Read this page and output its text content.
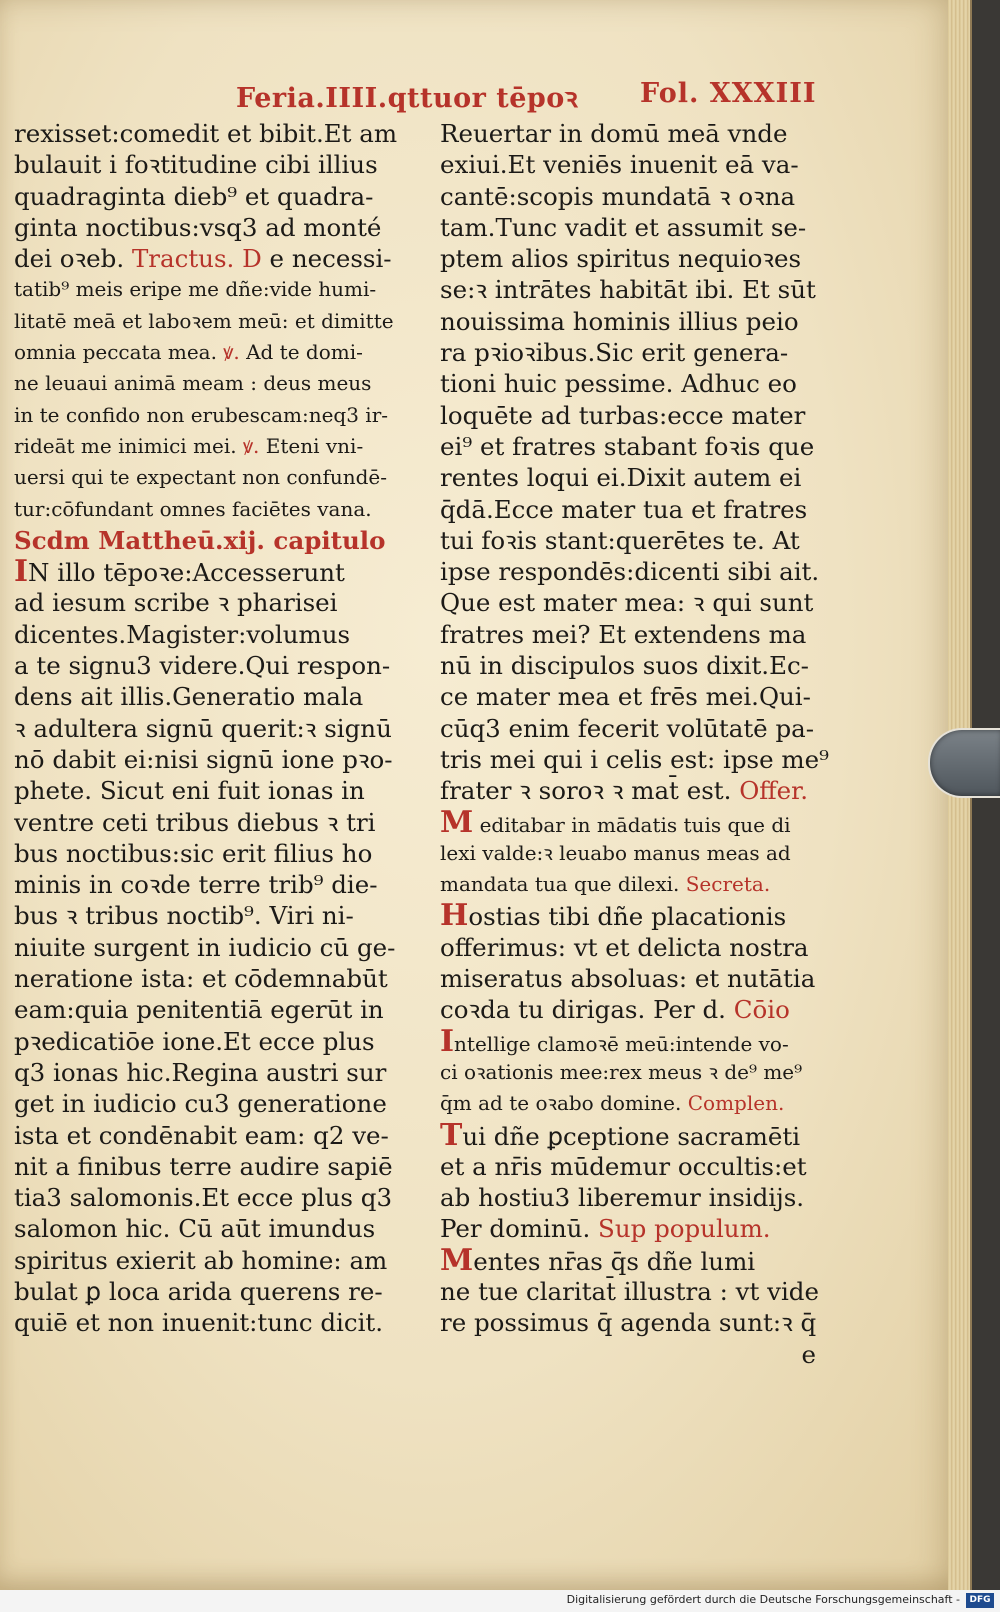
Feria.IIII.qttuor tēpoꝛ Fol. XXXIII
rexisset:comedit et bibit.Et am
bulauit i foꝛtitudine cibi illius
quadraginta dieb⁹ et quadra-
ginta noctibus:vsq3 ad monté
dei oꝛeb. Tractus. D e necessi-
tatib⁹ meis eripe me dñe:vide humi-
litatē meā et laboꝛem meū: et dimitte
omnia peccata mea. ꝟ. Ad te domi-
ne leuaui animā meam : deus meus
in te confido non erubescam:neq3 ir-
rideāt me inimici mei. ꝟ. Eteni vni-
uersi qui te expectant non confundē-
tur:cōfundant omnes faciētes vana.
Scdm Mattheū.xij. capitulo
IN illo tēpoꝛe:Accesserunt
ad iesum scribe ꝛ pharisei
dicentes.Magister:volumus
a te signu3 videre.Qui respon-
dens ait illis.Generatio mala
ꝛ adultera signū querit:ꝛ signū
nō dabit ei:nisi signū ione pꝛo-
phete. Sicut eni fuit ionas in
ventre ceti tribus diebus ꝛ tri
bus noctibus:sic erit filius ho
minis in coꝛde terre trib⁹ die-
bus ꝛ tribus noctib⁹. Viri ni-
niuite surgent in iudicio cū ge-
neratione ista: et cōdemnabūt
eam:quia penitentiā egerūt in
pꝛedicatiōe ione.Et ecce plus
q3 ionas hic.Regina austri sur
get in iudicio cu3 generatione
ista et condēnabit eam: q2 ve-
nit a finibus terre audire sapiē
tia3 salomonis.Et ecce plus q3
salomon hic. Cū aūt imundus
spiritus exierit ab homine: am
bulat ꝑ loca arida querens re-
quiē et non inuenit:tunc dicit.
Reuertar in domū meā vnde
exiui.Et veniēs inuenit eā va-
cantē:scopis mundatā ꝛ oꝛna
tam.Tunc vadit et assumit se-
ptem alios spiritus nequioꝛes
se:ꝛ intrātes habitāt ibi. Et sūt
nouissima hominis illius peio
ra pꝛioꝛibus.Sic erit genera-
tioni huic pessime. Adhuc eo
loquēte ad turbas:ecce mater
ei⁹ et fratres stabant foꝛis que
rentes loqui ei.Dixit autem ei
q̄dā.Ecce mater tua et fratres
tui foꝛis stant:querētes te. At
ipse respondēs:dicenti sibi ait.
Que est mater mea: ꝛ qui sunt
fratres mei? Et extendens ma
nū in discipulos suos dixit.Ec-
ce mater mea et frēs mei.Qui-
cūq3 enim fecerit volūtatē pa-
tris mei qui i celis est: ipse me⁹
frater ꝛ soroꝛ ꝛ mat̄ est. Offer.
M editabar in mādatis tuis que di
lexi valde:ꝛ leuabo manus meas ad
mandata tua que dilexi. Secreta.
Hostias tibi dñe placationis
offerimus: vt et delicta nostra
miseratus absoluas: et nutātia
coꝛda tu dirigas. Per d. Cōio
Intellige clamoꝛē meū:intende vo-
ci oꝛationis mee:rex meus ꝛ de⁹ me⁹
q̄m ad te oꝛabo domine. Complen.
Tui dñe ꝑceptione sacramēti
et a nr̄is mūdemur occultis:et
ab hostiu3 liberemur insidijs.
Per dominū. Sup populum.
Mentes nr̄as q̄s dñe lumi
ne tue claritat̄ illustra : vt vide
re possimus q̄ agenda sunt:ꝛ q̄
e
Digitalisierung gefördert durch die Deutsche Forschungsgemeinschaft -	DFG
